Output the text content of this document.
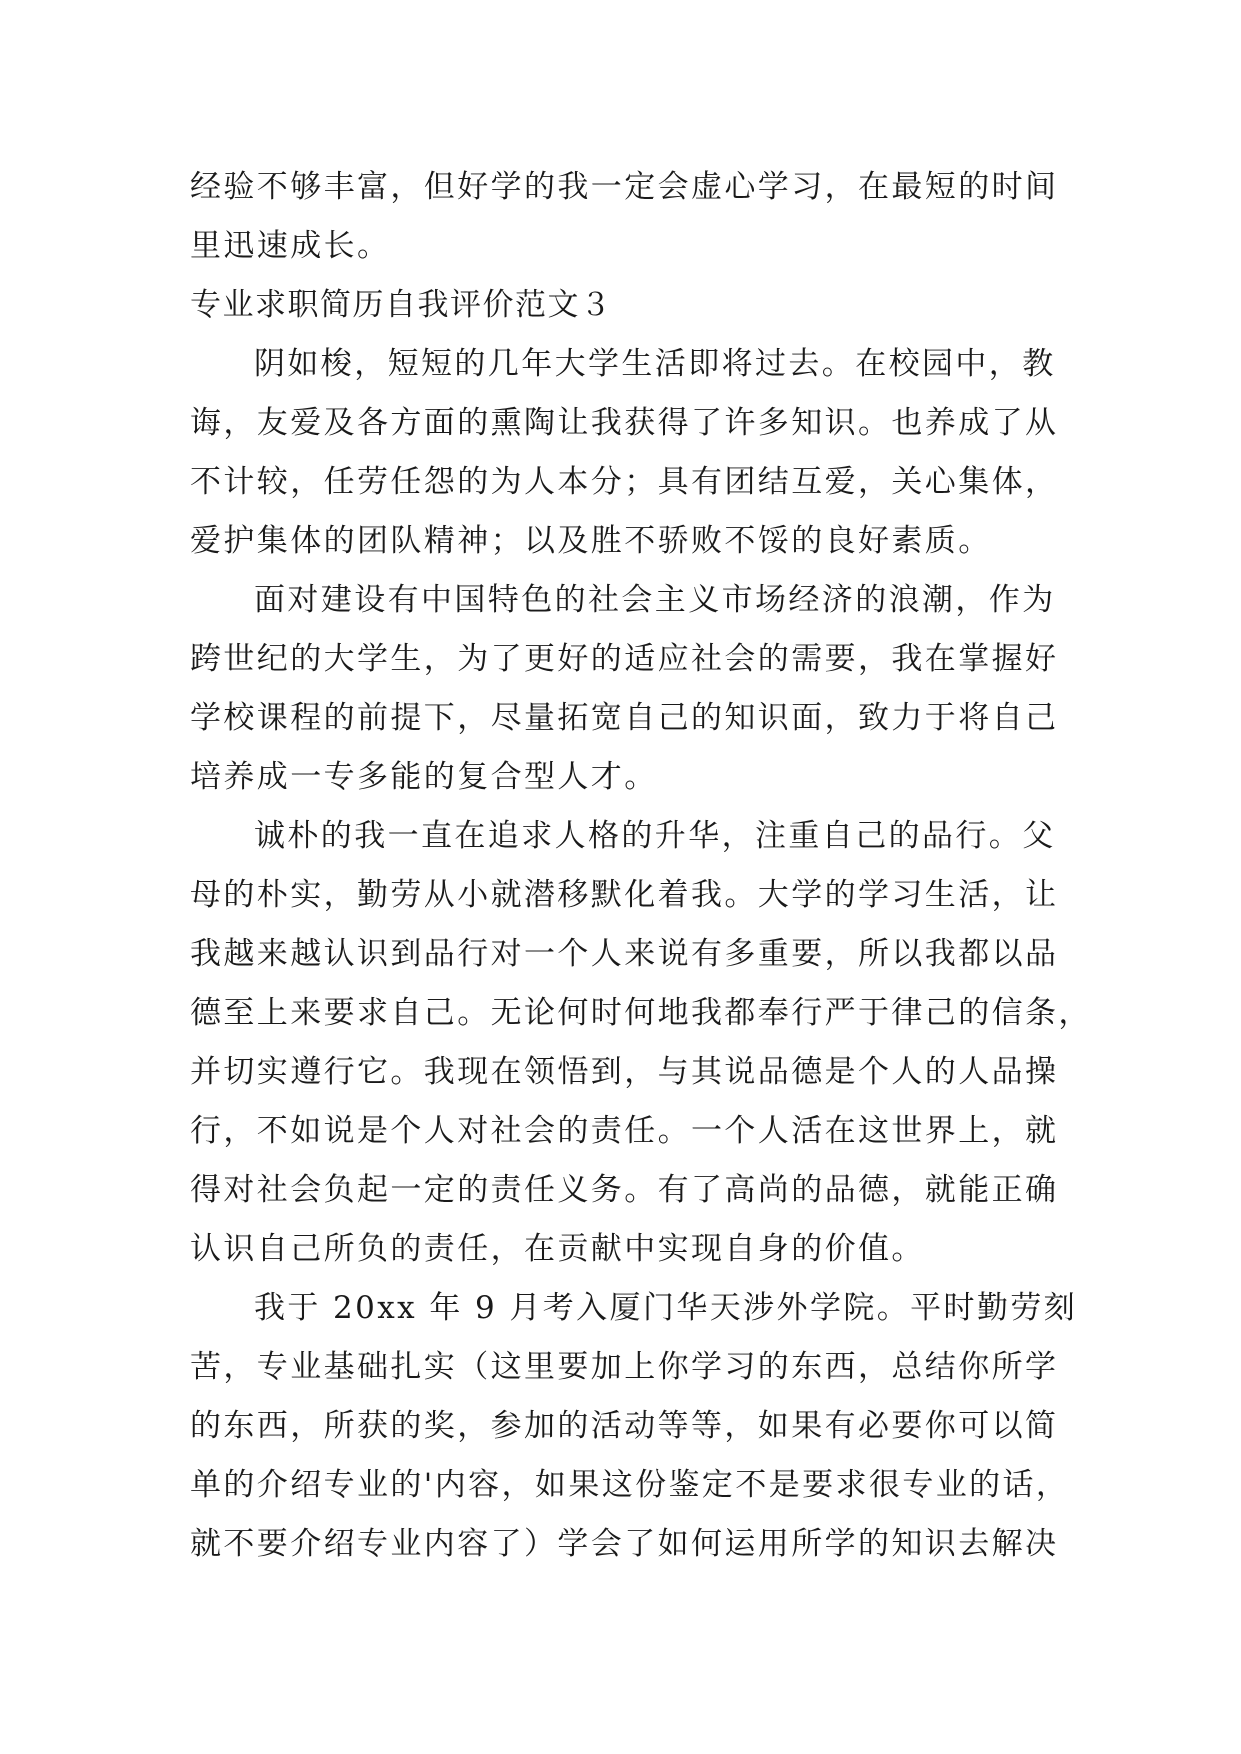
经验不够丰富，但好学的我一定会虚心学习，在最短的时间
里迅速成长。
专业求职简历自我评价范文３
阴如梭，短短的几年大学生活即将过去。在校园中，教
诲，友爱及各方面的熏陶让我获得了许多知识。也养成了从
不计较，任劳任怨的为人本分；具有团结互爱，关心集体，
爱护集体的团队精神；以及胜不骄败不馁的良好素质。
面对建设有中国特色的社会主义市场经济的浪潮，作为
跨世纪的大学生，为了更好的适应社会的需要，我在掌握好
学校课程的前提下，尽量拓宽自己的知识面，致力于将自己
培养成一专多能的复合型人才。
诚朴的我一直在追求人格的升华，注重自己的品行。父
母的朴实，勤劳从小就潜移默化着我。大学的学习生活，让
我越来越认识到品行对一个人来说有多重要，所以我都以品
德至上来要求自己。无论何时何地我都奉行严于律己的信条，
并切实遵行它。我现在领悟到，与其说品德是个人的人品操
行，不如说是个人对社会的责任。一个人活在这世界上，就
得对社会负起一定的责任义务。有了高尚的品德，就能正确
认识自己所负的责任，在贡献中实现自身的价值。
我于 20xx 年 9 月考入厦门华天涉外学院。平时勤劳刻
苦，专业基础扎实（这里要加上你学习的东西，总结你所学
的东西，所获的奖，参加的活动等等，如果有必要你可以简
单的介绍专业的'内容，如果这份鉴定不是要求很专业的话，
就不要介绍专业内容了）学会了如何运用所学的知识去解决
